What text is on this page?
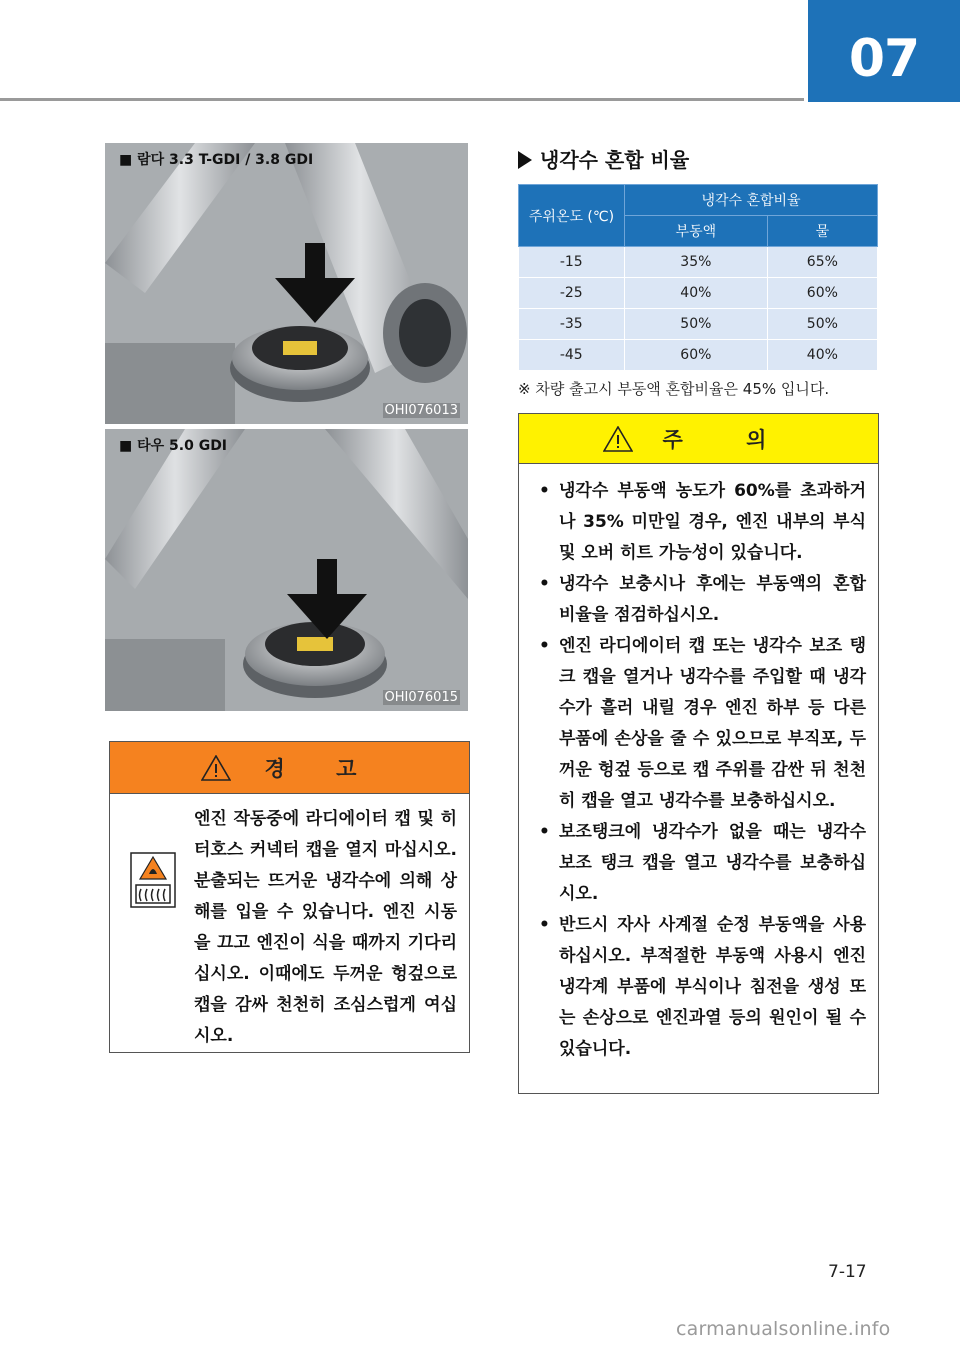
07
■ 람다 3.3 T-GDI / 3.8 GDI
OHI076013
■ 타우 5.0 GDI
OHI076015
경 고

엔진 작동중에 라디에이터 캡 및 히터호스 커넥터 캡을 열지 마십시오. 분출되는 뜨거운 냉각수에 의해 상해를 입을 수 있습니다. 엔진 시동을 끄고 엔진이 식을 때까지 기다리십시오. 이때에도 두꺼운 헝겊으로 캡을 감싸 천천히 조심스럽게 여십시오.

냉각수 혼합 비율
주위온도 (℃)	냉각수 혼합비율	
	부동액	물
-15	35%	65%
-25	40%	60%
-35	50%	50%
-45	60%	40%
※ 차량 출고시 부동액 혼합비율은 45% 입니다.
주 의
• 냉각수 부동액 농도가 60%를 초과하거나 35% 미만일 경우, 엔진 내부의 부식 및 오버 히트 가능성이 있습니다.
• 냉각수 보충시나 후에는 부동액의 혼합 비율을 점검하십시오.
• 엔진 라디에이터 캡 또는 냉각수 보조 탱크 캡을 열거나 냉각수를 주입할 때 냉각수가 흘러 내릴 경우 엔진 하부 등 다른 부품에 손상을 줄 수 있으므로 부직포, 두꺼운 헝겊 등으로 캡 주위를 감싼 뒤 천천히 캡을 열고 냉각수를 보충하십시오.
• 보조탱크에 냉각수가 없을 때는 냉각수 보조 탱크 캡을 열고 냉각수를 보충하십시오.
• 반드시 자사 사계절 순정 부동액을 사용하십시오. 부적절한 부동액 사용시 엔진 냉각계 부품에 부식이나 침전을 생성 또는 손상으로 엔진과열 등의 원인이 될 수 있습니다.
7-17
carmanualsonline.info
